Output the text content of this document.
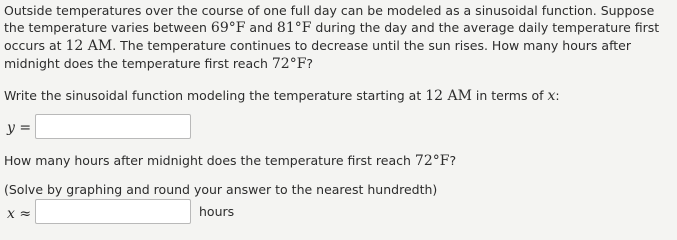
Outside temperatures over the course of one full day can be modeled as a sinusoidal function. Suppose the temperature varies between 69°F and 81°F during the day and the average daily temperature first occurs at 12 AM. The temperature continues to decrease until the sun rises. How many hours after midnight does the temperature first reach 72°F?
Write the sinusoidal function modeling the temperature starting at 12 AM in terms of x:
y =
How many hours after midnight does the temperature first reach 72°F?
(Solve by graphing and round your answer to the nearest hundredth)
x ≈	hours
